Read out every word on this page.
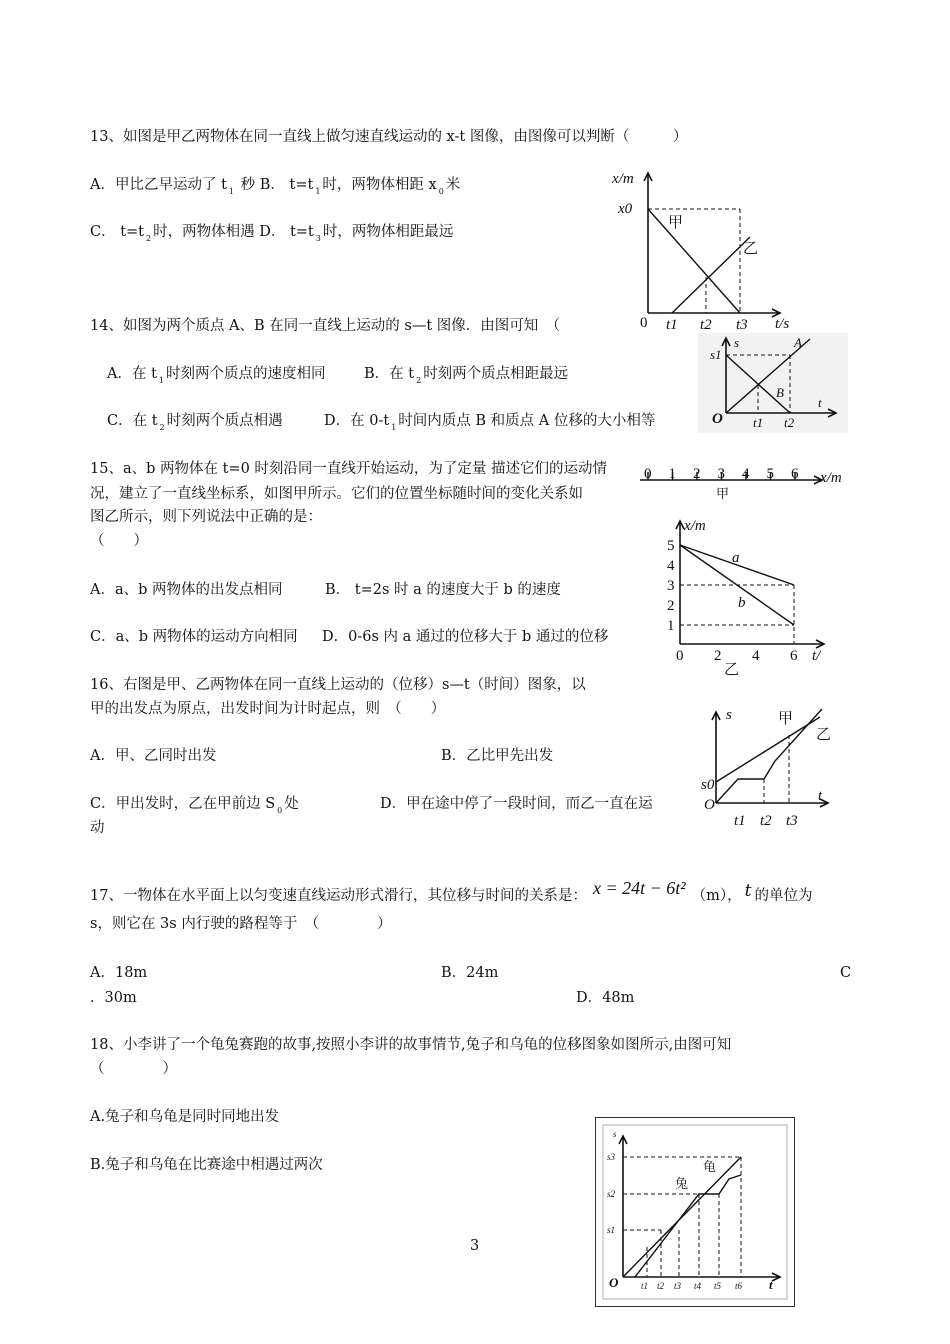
13、如图是甲乙两物体在同一直线上做匀速直线运动的 x-t 图像，由图像可以判断（　　　）
A．甲比乙早运动了 t $_1$ 秒 B． t=t $_1$ 时，两物体相距 x $_0$ 米
C． t=t $_2$ 时，两物体相遇 D． t=t $_3$ 时，两物体相距最远
x/m
x0
甲
乙
0 t1 t2 t3 t/s
14、如图为两个质点 A、B 在同一直线上运动的 s—t 图像．由图可知　（
A．在 t $_1$ 时刻两个质点的速度相同	B．在 t $_2$ 时刻两个质点相距最远
C．在 t $_2$ 时刻两个质点相遇	D．在 0-t $_1$ 时间内质点 B 和质点 A 位移的大小相等
s
s1
A
B
O
t
t1 t2
15、a、b 两物体在 t=0 时刻沿同一直线开始运动，为了定量 描述它们的运动情
况，建立了一直线坐标系，如图甲所示。它们的位置坐标随时间的变化关系如
图乙所示，则下列说法中正确的是：
（　　）
A．a、b 两物体的出发点相同	B． t=2s 时 a 的速度大于 b 的速度
C．a、b 两物体的运动方向相同 D．0-6s 内 a 通过的位移大于 b 通过的位移
0 1 2 3 4 5 6 x/m
甲
x/m
5
4
3
2
1
0 2 4 6 t/
a
b
乙
16、右图是甲、乙两物体在同一直线上运动的（位移）s—t（时间）图象，以
甲的出发点为原点，出发时间为计时起点，则　（　　）
A．甲、乙同时出发	B．乙比甲先出发
C．甲出发时，乙在甲前边 S $_0$ 处	D．甲在途中停了一段时间，而乙一直在运
动
s	甲
乙
s0
O
t
t1 t2 t3
17、一物体在水平面上以匀变速直线运动形式滑行，其位移与时间的关系是： x = 24t − 6t² （m）， t 的单位为
s，则它在 3s 内行驶的路程等于　（　　　　）
A．18m	B．24m	C
．30m	D．48m
18、小李讲了一个龟兔赛跑的故事,按照小李讲的故事情节,兔子和乌龟的位移图象如图所示,由图可知
（　　　　）
A.兔子和乌龟是同时同地出发
B.兔子和乌龟在比赛途中相遇过两次
s
s3
s2
s1
龟
兔
O	t
t1 t2 t3 t4 t5 t6
3
